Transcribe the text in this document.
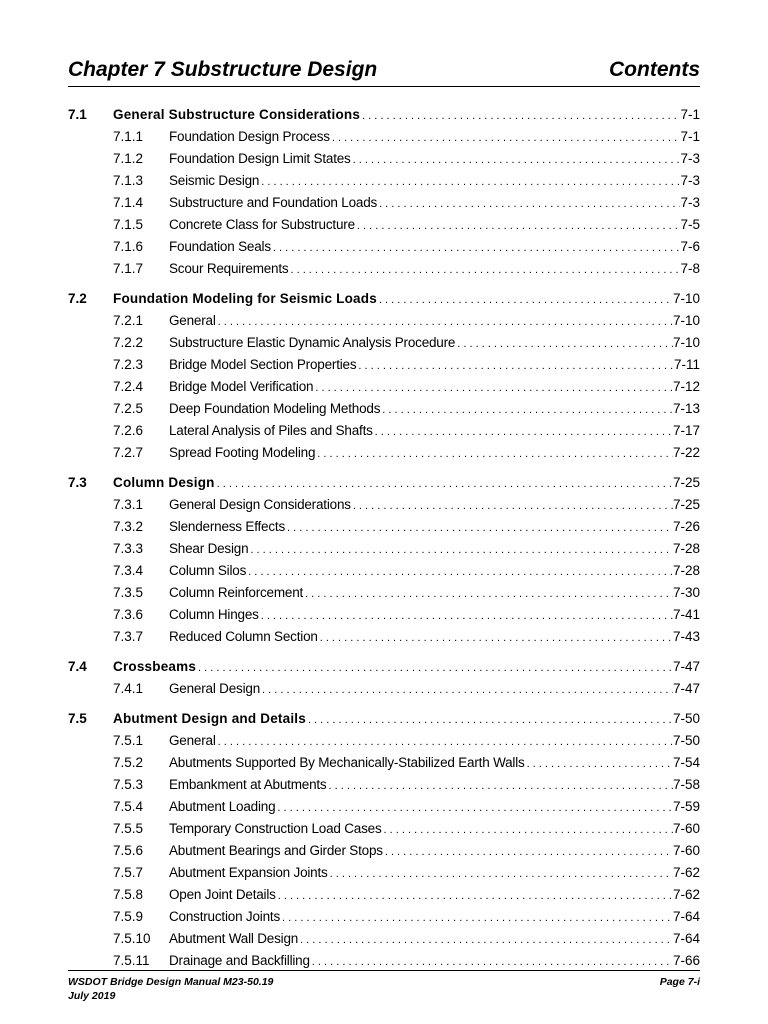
Chapter 7 Substructure Design	Contents
7.1	General Substructure Considerations . . .	7-1
7.1.1	Foundation Design Process . . .	7-1
7.1.2	Foundation Design Limit States . . .	7-3
7.1.3	Seismic Design . . .	7-3
7.1.4	Substructure and Foundation Loads . . .	7-3
7.1.5	Concrete Class for Substructure . . .	7-5
7.1.6	Foundation Seals . . .	7-6
7.1.7	Scour Requirements . . .	7-8
7.2	Foundation Modeling for Seismic Loads . . .	7-10
7.2.1	General . . .	7-10
7.2.2	Substructure Elastic Dynamic Analysis Procedure . . .	7-10
7.2.3	Bridge Model Section Properties . . .	7-11
7.2.4	Bridge Model Verification . . .	7-12
7.2.5	Deep Foundation Modeling Methods . . .	7-13
7.2.6	Lateral Analysis of Piles and Shafts . . .	7-17
7.2.7	Spread Footing Modeling . . .	7-22
7.3	Column Design . . .	7-25
7.3.1	General Design Considerations . . .	7-25
7.3.2	Slenderness Effects . . .	7-26
7.3.3	Shear Design . . .	7-28
7.3.4	Column Silos . . .	7-28
7.3.5	Column Reinforcement . . .	7-30
7.3.6	Column Hinges . . .	7-41
7.3.7	Reduced Column Section . . .	7-43
7.4	Crossbeams . . .	7-47
7.4.1	General Design . . .	7-47
7.5	Abutment Design and Details . . .	7-50
7.5.1	General . . .	7-50
7.5.2	Abutments Supported By Mechanically-Stabilized Earth Walls . . .	7-54
7.5.3	Embankment at Abutments . . .	7-58
7.5.4	Abutment Loading . . .	7-59
7.5.5	Temporary Construction Load Cases . . .	7-60
7.5.6	Abutment Bearings and Girder Stops . . .	7-60
7.5.7	Abutment Expansion Joints . . .	7-62
7.5.8	Open Joint Details . . .	7-62
7.5.9	Construction Joints . . .	7-64
7.5.10	Abutment Wall Design . . .	7-64
7.5.11	Drainage and Backfilling . . .	7-66
WSDOT Bridge Design Manual M23-50.19
July 2019
Page 7-i
